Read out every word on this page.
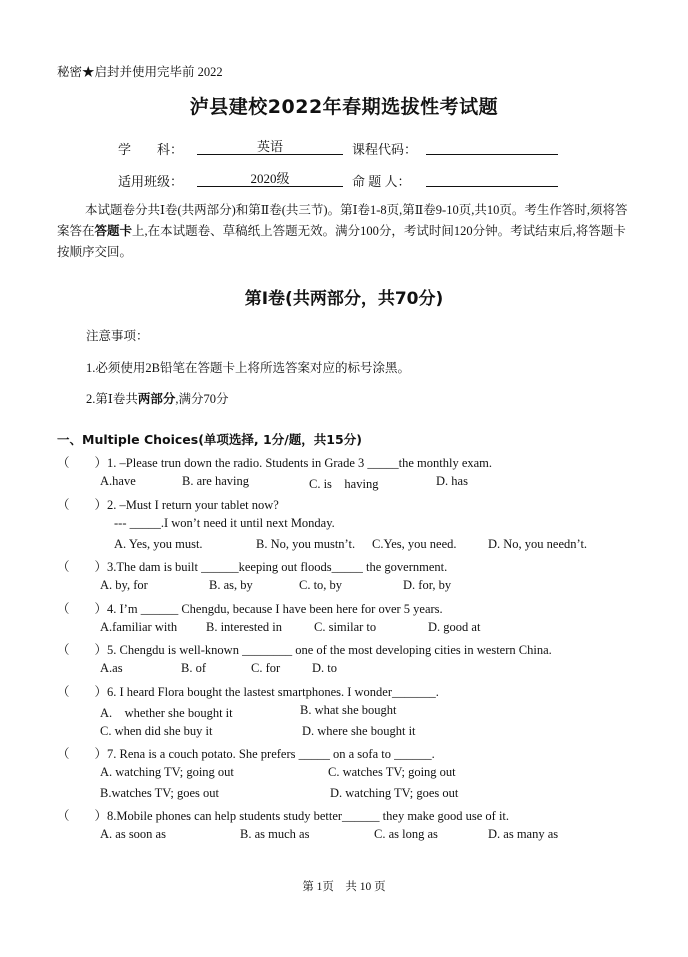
秘密★启封并使用完毕前 2022
泸县建校2022年春期选拔性考试题
学　　科：	英语	课程代码：
适用班级：	2020级	命 题 人：
本试题卷分共Ⅰ卷(共两部分)和第Ⅱ卷(共三节)。第Ⅰ卷1-8页,第Ⅱ卷9-10页,共10页。考生作答时,须将答案答在答题卡上,在本试题卷、草稿纸上答题无效。满分100分，考试时间120分钟。考试结束后,将答题卡按顺序交回。
第Ⅰ卷(共两部分，共70分)
注意事项：
1.必须使用2B铅笔在答题卡上将所选答案对应的标号涂黑。
2.第Ⅰ卷共两部分,满分70分
一、Multiple Choices(单项选择, 1分/题，共15分)
（　　）1. –Please trun down the radio. Students in Grade 3 _____the monthly exam.
A.have	B. are having	C. is　having	D. has
（　　）2. –Must I return your tablet now?
--- _____.I won’t need it until next Monday.
A. Yes, you must.	B. No, you mustn’t. C.Yes, you need.	D. No, you needn’t.
（　　）3.The dam is built ______keeping out floods_____ the government.
A. by, for	B. as, by	C. to, by	D. for, by
（　　）4. I’m ______ Chengdu, because I have been here for over 5 years.
A.familiar with B. interested in	C. similar to	D. good at
（　　）5. Chengdu is well-known ________ one of the most developing cities in western China.
A.as	B. of	C. for	D. to
（　　）6. I heard Flora bought the lastest smartphones. I wonder_______.
A.　whether she bought it	B. what she bought
C. when did she buy it	D. where she bought it
（　　）7. Rena is a couch potato. She prefers _____ on a sofa to ______.
A. watching TV; going out	C. watches TV; going out
B.watches TV; goes out	D. watching TV; goes out
（　　）8.Mobile phones can help students study better______ they make good use of it.
A. as soon as	B. as much as	C. as long as	D. as many as
第 1页　共 10 页
